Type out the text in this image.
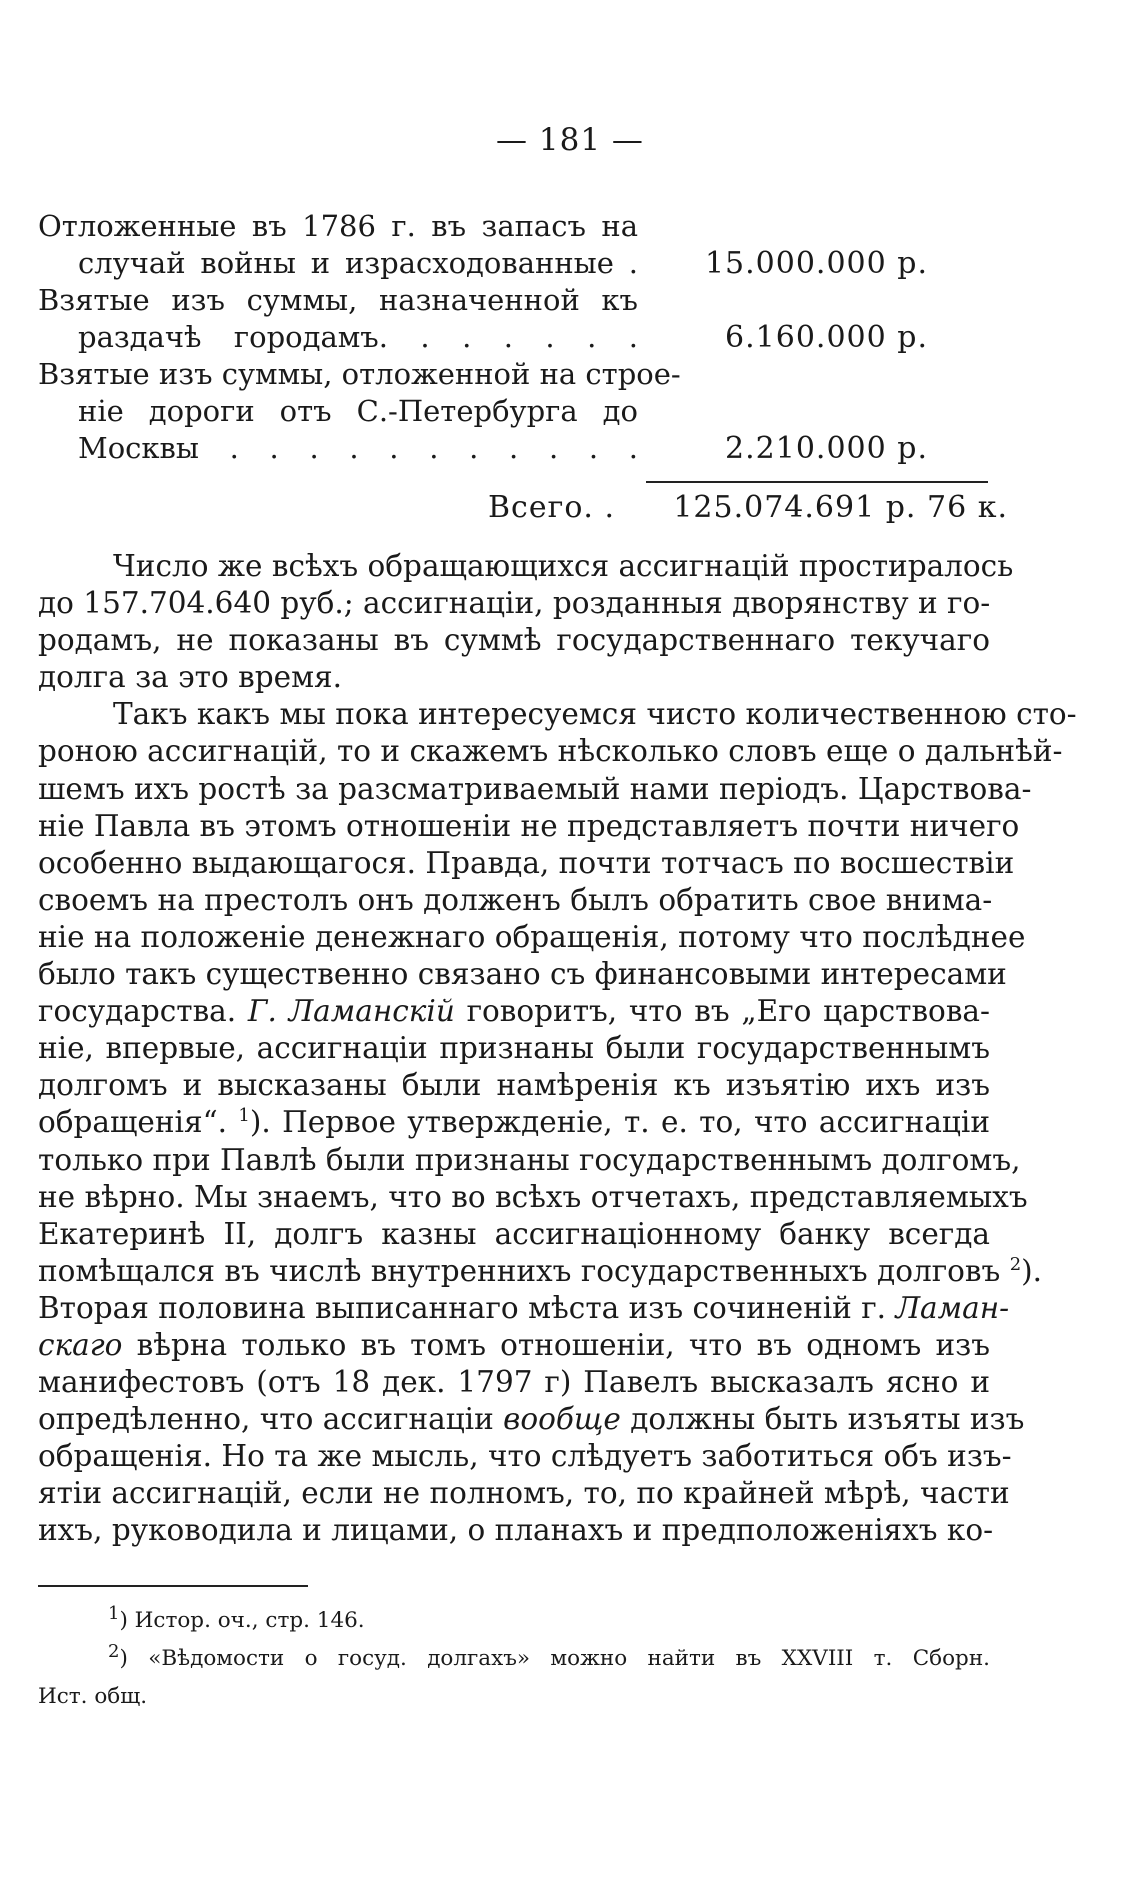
— 181 —
Отложенные въ 1786 г. въ запасъ на
случай войны и израсходованные . 15.000.000 р.
Взятые изъ суммы, назначенной къ
раздачѣ городамъ. . . . . . .	6.160.000 р.
Взятые изъ суммы, отложенной на строе-
ніе дороги отъ С.-Петербурга до
Москвы . . . . . . . . . . .	2.210.000 р.
Всего. . 125.074.691 р. 76 к.

Число же всѣхъ обращающихся ассигнацій простиралось
до 157.704.640 руб.; ассигнаціи, розданныя дворянству и го-
родамъ, не показаны въ суммѣ государственнаго текучаго
долга за это время.

Такъ какъ мы пока интересуемся чисто количественною сто-
роною ассигнацій, то и скажемъ нѣсколько словъ еще о дальнѣй-
шемъ ихъ ростѣ за разсматриваемый нами періодъ. Царствова-
ніе Павла въ этомъ отношеніи не представляетъ почти ничего
особенно выдающагося. Правда, почти тотчасъ по восшествіи
своемъ на престолъ онъ долженъ былъ обратить свое внима-
ніе на положеніе денежнаго обращенія, потому что послѣднее
было такъ существенно связано съ финансовыми интересами
государства. Г. Ламанскій говоритъ, что въ „Его царствова-
ніе, впервые, ассигнаціи признаны были государственнымъ
долгомъ и высказаны были намѣренія къ изъятію ихъ изъ
обращенія“. $^1$). Первое утвержденіе, т. е. то, что ассигнаціи
только при Павлѣ были признаны государственнымъ долгомъ,
не вѣрно. Мы знаемъ, что во всѣхъ отчетахъ, представляемыхъ
Екатеринѣ II, долгъ казны ассигнаціонному банку всегда
помѣщался въ числѣ внутреннихъ государственныхъ долговъ $^2$).
Вторая половина выписаннаго мѣста изъ сочиненій г. Ламан-
скаго вѣрна только въ томъ отношеніи, что въ одномъ изъ
манифестовъ (отъ 18 дек. 1797 г) Павелъ высказалъ ясно и
опредѣленно, что ассигнаціи вообще должны быть изъяты изъ
обращенія. Но та же мысль, что слѣдуетъ заботиться объ изъ-
ятіи ассигнацій, если не полномъ, то, по крайней мѣрѣ, части
ихъ, руководила и лицами, о планахъ и предположеніяхъ ко-

$^1$) Истор. оч., стр. 146.
$^2$) «Вѣдомости о госуд. долгахъ» можно найти въ XXVIII т. Сборн.
Ист. общ.
